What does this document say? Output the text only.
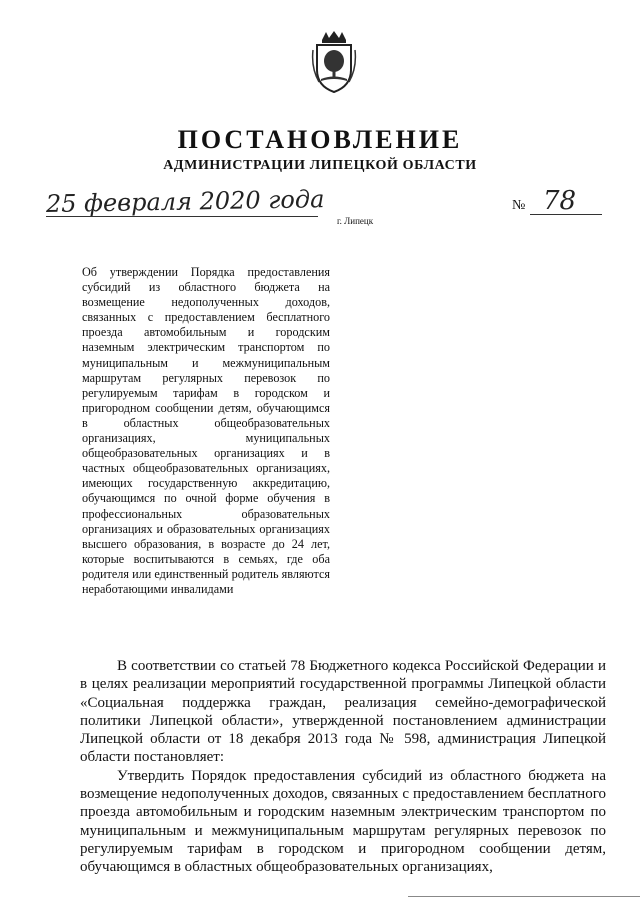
ПОСТАНОВЛЕНИЕ
АДМИНИСТРАЦИИ ЛИПЕЦКОЙ ОБЛАСТИ
25 февраля 2020 года
г. Липецк
№ 78
Об утверждении Порядка предоставления субсидий из областного бюджета на возмещение недополученных доходов, связанных с предоставлением бесплатного проезда автомобильным и городским наземным электрическим транспортом по муниципальным и межмуниципальным маршрутам регулярных перевозок по регулируемым тарифам в городском и пригородном сообщении детям, обучающимся в областных общеобразовательных организациях, муниципальных общеобразовательных организациях и в частных общеобразовательных организациях, имеющих государственную аккредитацию, обучающимся по очной форме обучения в профессиональных образовательных организациях и образовательных организациях высшего образования, в возрасте до 24 лет, которые воспитываются в семьях, где оба родителя или единственный родитель являются неработающими инвалидами

В соответствии со статьей 78 Бюджетного кодекса Российской Федерации и в целях реализации мероприятий государственной программы Липецкой области «Социальная поддержка граждан, реализация семейно-демографической политики Липецкой области», утвержденной постановлением администрации Липецкой области от 18 декабря 2013 года № 598, администрация Липецкой области постановляет:

Утвердить Порядок предоставления субсидий из областного бюджета на возмещение недополученных доходов, связанных с предоставлением бесплатного проезда автомобильным и городским наземным электрическим транспортом по муниципальным и межмуниципальным маршрутам регулярных перевозок по регулируемым тарифам в городском и пригородном сообщении детям, обучающимся в областных общеобразовательных организациях,
